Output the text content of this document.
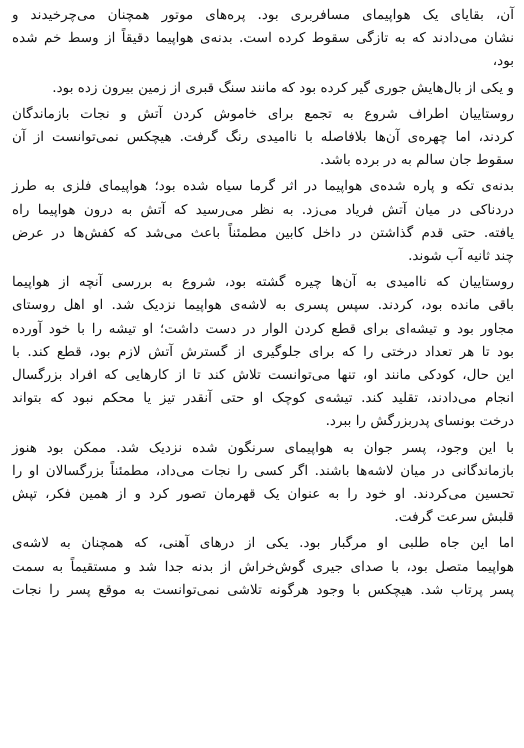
آن، بقایای یک هواپیمای مسافربری بود. پره‌های موتور همچنان می‌چرخیدند و
نشان می‌دادند که به تازگی سقوط کرده است. بدنه‌ی هواپیما دقیقاً از وسط خم شده
بود،
و یکی از بال‌هایش جوری گیر کرده بود که مانند سنگ قبری از زمین بیرون زده بود.
روستاییان اطراف شروع به تجمع برای خاموش کردن آتش و نجات بازماندگان
کردند، اما چهره‌ی آن‌ها بلافاصله با ناامیدی رنگ گرفت. هیچکس نمی‌توانست از آن
سقوط جان سالم به در برده باشد.
بدنه‌ی تکه و پاره شده‌ی هواپیما در اثر گرما سیاه شده بود؛ هواپیمای فلزی به طرز
دردناکی در میان آتش فریاد می‌زد. به نظر می‌رسید که آتش به درون هواپیما راه
یافته. حتی قدم گذاشتن در داخل کابین مطمئناً باعث می‌شد که کفش‌ها در عرض
چند ثانیه آب شوند.
روستاییان که ناامیدی به آن‌ها چیره گشته بود، شروع به بررسی آنچه از هواپیما
باقی مانده بود، کردند. سپس پسری به لاشه‌ی هواپیما نزدیک شد. او اهل روستای
مجاور بود و تیشه‌ای برای قطع کردن الوار در دست داشت؛ او تیشه را با خود آورده
بود تا هر تعداد درختی را که برای جلوگیری از گسترش آتش لازم بود، قطع کند. با
این حال، کودکی مانند او، تنها می‌توانست تلاش کند تا از کارهایی که افراد بزرگسال
انجام می‌دادند، تقلید کند. تیشه‌ی کوچک او حتی آنقدر تیز یا محکم نبود که بتواند
درخت بونسای پدربزرگش را ببرد.
با این وجود، پسر جوان به هواپیمای سرنگون شده نزدیک شد. ممکن بود هنوز
بازماندگانی در میان لاشه‌ها باشند. اگر کسی را نجات می‌داد، مطمئناً بزرگسالان او را
تحسین می‌کردند. او خود را به عنوان یک قهرمان تصور کرد و از همین فکر، تپش
قلبش سرعت گرفت.
اما این جاه طلبی او مرگبار بود. یکی از درهای آهنی، که همچنان به لاشه‌ی
هواپیما متصل بود، با صدای جیری گوش‌خراش از بدنه جدا شد و مستقیماً به سمت
پسر پرتاب شد. هیچکس با وجود هرگونه تلاشی نمی‌توانست به موقع پسر را نجات
